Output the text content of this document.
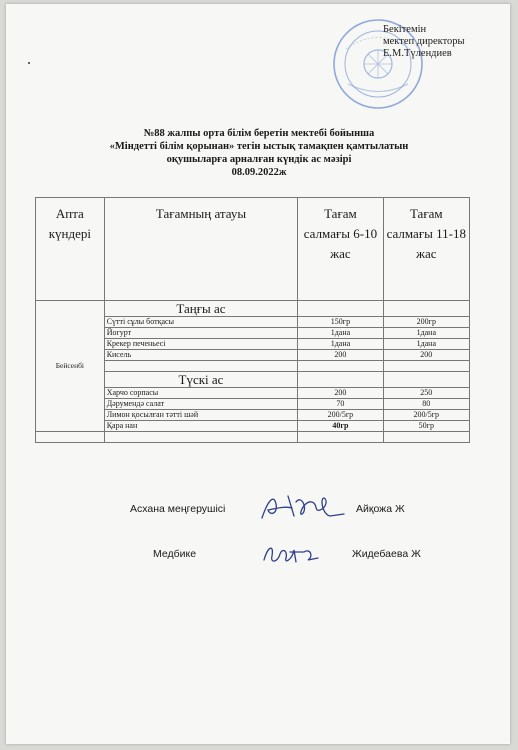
Бекітемін
мектеп директоры
Е.М.Түлендиев
№88 жалпы орта білім беретін мектебі бойынша
«Міндетті білім қорынан» тегін ыстық тамақпен қамтылатын
оқушыларға арналған күндік ас мәзірі
08.09.2022ж
Апта күндері	Тағамның атауы	Тағам салмағы 6-10 жас	Тағам салмағы 11-18 жас
Бейсенбі	Таңғы ас		
	Сүтті сұлы ботқасы	150гр	200гр
	Йогурт	1дана	1дана
	Крекер печеньесі	1дана	1дана
	Кисель	200	200

	Түскі ас		
	Харчо сорпасы	200	250
	Дәрумендә салат	70	80
	Лимон қосылған тәтті шәй	200/5гр	200/5гр
	Қара нан	40гр	50гр

Асхана меңгерушісі	Айқожа Ж
Медбике	Жидебаева Ж
